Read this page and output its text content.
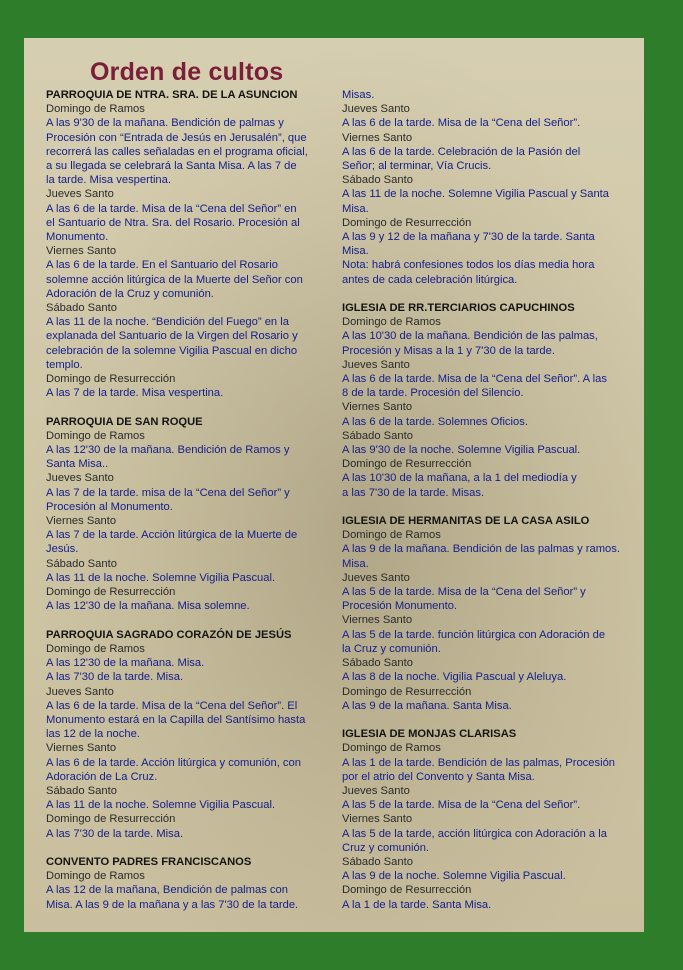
Orden de cultos
PARROQUIA DE NTRA. SRA. DE LA ASUNCION
Domingo de Ramos
A las 9'30 de la mañana. Bendición de palmas y
Procesión con “Entrada de Jesús en Jerusalén”, que
recorrerá las calles señaladas en el programa oficial,
a su llegada se celebrará la Santa Misa. A las 7 de
la tarde. Misa vespertina.
Jueves Santo
A las 6 de la tarde. Misa de la “Cena del Señor” en
el Santuario de Ntra. Sra. del Rosario. Procesión al
Monumento.
Viernes Santo
A las 6 de la tarde. En el Santuario del Rosario
solemne acción litúrgica de la Muerte del Señor con
Adoración de la Cruz y comunión.
Sábado Santo
A las 11 de la noche. “Bendición del Fuego” en la
explanada del Santuario de la Virgen del Rosario y
celebración de la solemne Vigilia Pascual en dicho
templo.
Domingo de Resurrección
A las 7 de la tarde. Misa vespertina.
PARROQUIA DE SAN ROQUE
Domingo de Ramos
A las 12'30 de la mañana. Bendición de Ramos y
Santa Misa..
Jueves Santo
A las 7 de la tarde. misa de la “Cena del Señor” y
Procesión al Monumento.
Viernes Santo
A las 7 de la tarde. Acción litúrgica de la Muerte de
Jesús.
Sábado Santo
A las 11 de la noche. Solemne Vigilia Pascual.
Domingo de Resurrección
A las 12'30 de la mañana. Misa solemne.
PARROQUIA SAGRADO CORAZÓN DE JESÚS
Domingo de Ramos
A las 12'30 de la mañana. Misa.
A las 7'30 de la tarde. Misa.
Jueves Santo
A las 6 de la tarde. Misa de la “Cena del Señor”. El
Monumento estará en la Capilla del Santísimo hasta
las 12 de la noche.
Viernes Santo
A las 6 de la tarde. Acción litúrgica y comunión, con
Adoración de La Cruz.
Sábado Santo
A las 11 de la noche. Solemne Vigilia Pascual.
Domingo de Resurrección
A las 7'30 de la tarde. Misa.
CONVENTO PADRES FRANCISCANOS
Domingo de Ramos
A las 12 de la mañana, Bendición de palmas con
Misa. A las 9 de la mañana y a las 7'30 de la tarde.
Misas.
Jueves Santo
A las 6 de la tarde. Misa de la “Cena del Señor”.
Viernes Santo
A las 6 de la tarde. Celebración de la Pasión del
Señor; al terminar, Vía Crucis.
Sábado Santo
A las 11 de la noche. Solemne Vigilia Pascual y Santa
Misa.
Domingo de Resurrección
A las 9 y 12 de la mañana y 7'30 de la tarde. Santa
Misa.
Nota: habrá confesiones todos los días media hora
antes de cada celebración litúrgica.
IGLESIA DE RR.TERCIARIOS CAPUCHINOS
Domingo de Ramos
A las 10'30 de la mañana. Bendición de las palmas,
Procesión y Misas a la 1 y 7'30 de la tarde.
Jueves Santo
A las 6 de la tarde. Misa de la “Cena del Señor”. A las
8 de la tarde. Procesión del Silencio.
Viernes Santo
A las 6 de la tarde. Solemnes Oficios.
Sábado Santo
A las 9'30 de la noche. Solemne Vigilia Pascual.
Domingo de Resurrección
A las 10'30 de la mañana, a la 1 del mediodía y
a las 7'30 de la tarde. Misas.
IGLESIA DE HERMANITAS DE LA CASA ASILO
Domingo de Ramos
A las 9 de la mañana. Bendición de las palmas y ramos.
Misa.
Jueves Santo
A las 5 de la tarde. Misa de la “Cena del Señor” y
Procesión Monumento.
Viernes Santo
A las 5 de la tarde. función litúrgica con Adoración de
la Cruz y comunión.
Sábado Santo
A las 8 de la noche. Vigilia Pascual y Aleluya.
Domingo de Resurrección
A las 9 de la mañana. Santa Misa.
IGLESIA DE MONJAS CLARISAS
Domingo de Ramos
A las 1 de la tarde. Bendición de las palmas, Procesión
por el atrio del Convento y Santa Misa.
Jueves Santo
A las 5 de la tarde. Misa de la “Cena del Señor”.
Viernes Santo
A las 5 de la tarde, acción litúrgica con Adoración a la
Cruz y comunión.
Sábado Santo
A las 9 de la noche. Solemne Vigilia Pascual.
Domingo de Resurrección
A la 1 de la tarde. Santa Misa.
